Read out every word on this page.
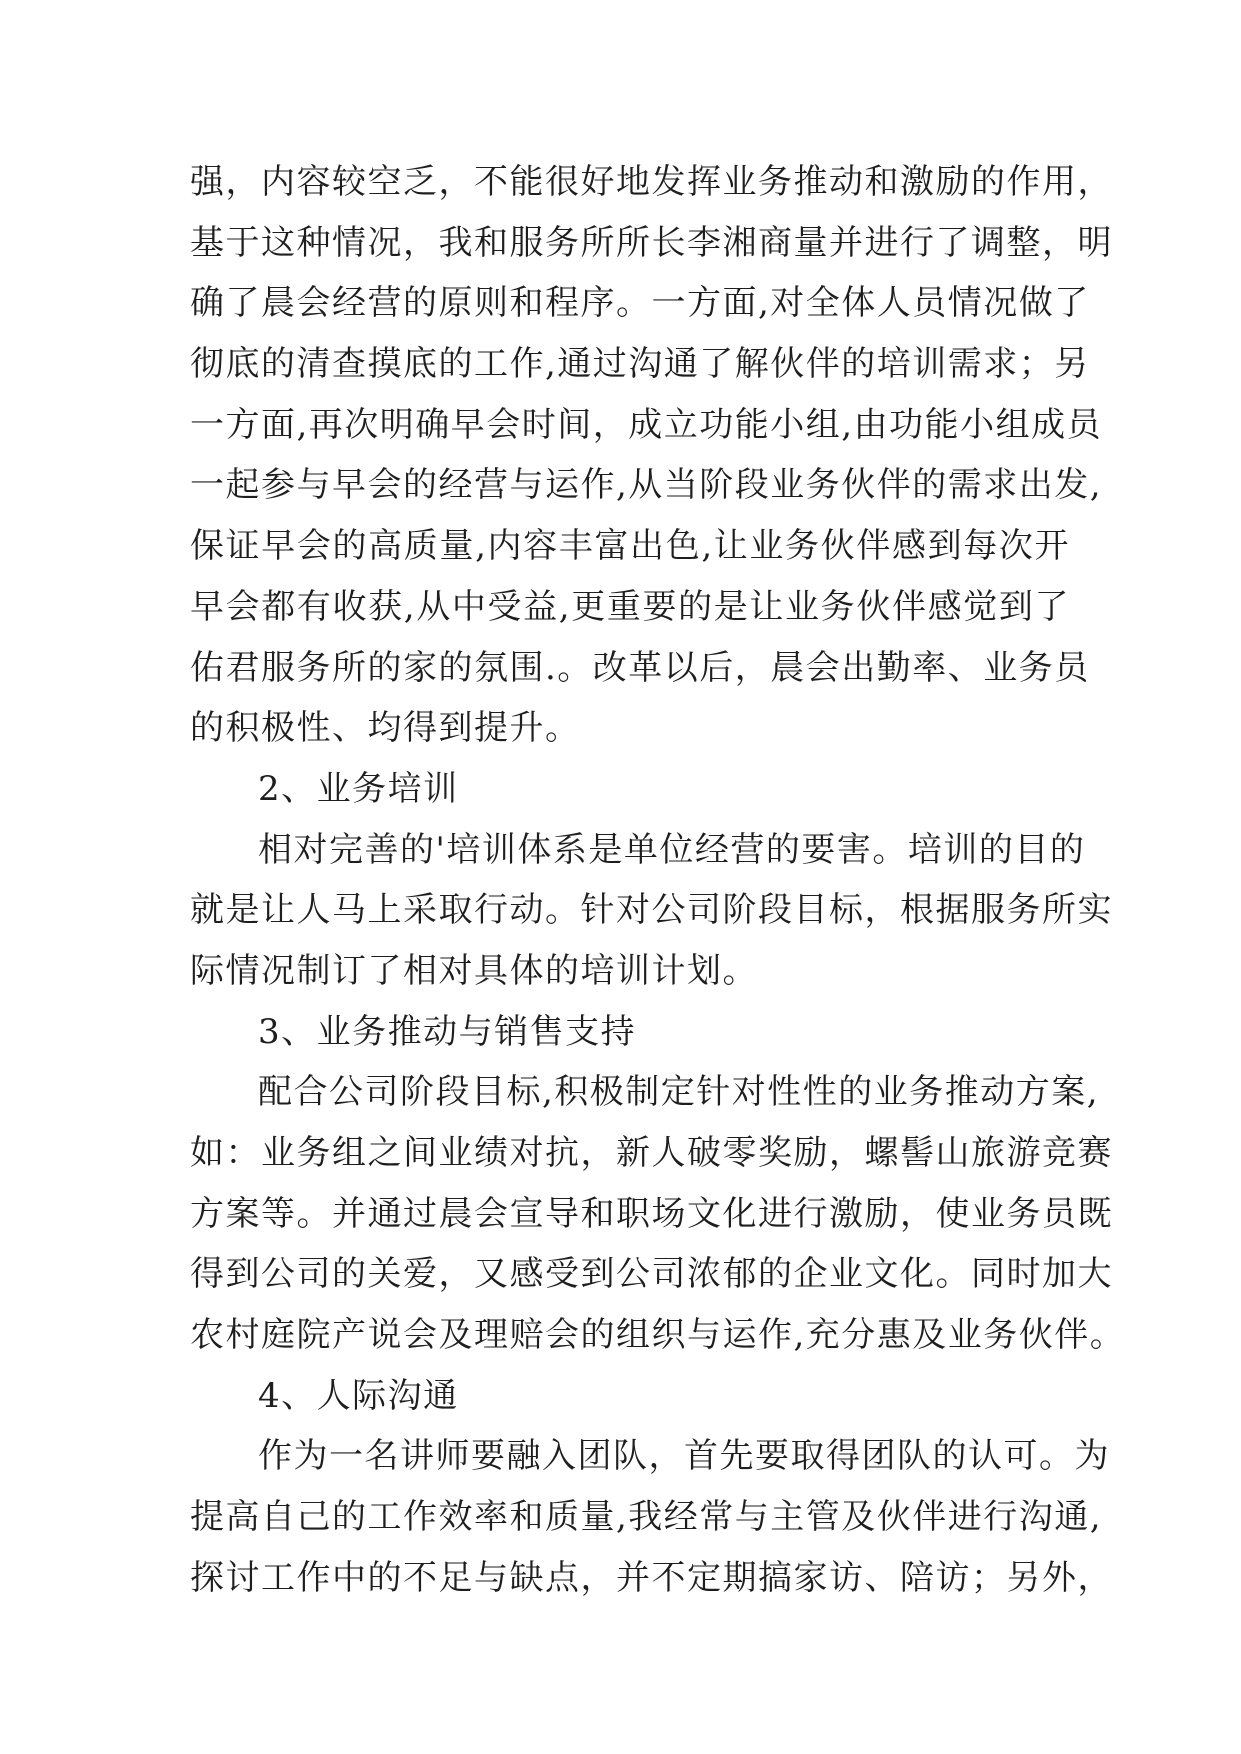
强，内容较空乏，不能很好地发挥业务推动和激励的作用，
基于这种情况，我和服务所所长李湘商量并进行了调整，明
确了晨会经营的原则和程序。一方面,对全体人员情况做了
彻底的清查摸底的工作,通过沟通了解伙伴的培训需求；另
一方面,再次明确早会时间，成立功能小组,由功能小组成员
一起参与早会的经营与运作,从当阶段业务伙伴的需求出发,
保证早会的高质量,内容丰富出色,让业务伙伴感到每次开
早会都有收获,从中受益,更重要的是让业务伙伴感觉到了
佑君服务所的家的氛围.。改革以后，晨会出勤率、业务员
的积极性、均得到提升。
2、业务培训
相对完善的'培训体系是单位经营的要害。培训的目的
就是让人马上采取行动。针对公司阶段目标，根据服务所实
际情况制订了相对具体的培训计划。
3、业务推动与销售支持
配合公司阶段目标,积极制定针对性性的业务推动方案,
如：业务组之间业绩对抗，新人破零奖励，螺髻山旅游竞赛
方案等。并通过晨会宣导和职场文化进行激励，使业务员既
得到公司的关爱，又感受到公司浓郁的企业文化。同时加大
农村庭院产说会及理赔会的组织与运作,充分惠及业务伙伴。
4、人际沟通
作为一名讲师要融入团队，首先要取得团队的认可。为
提高自己的工作效率和质量,我经常与主管及伙伴进行沟通,
探讨工作中的不足与缺点，并不定期搞家访、陪访；另外，
